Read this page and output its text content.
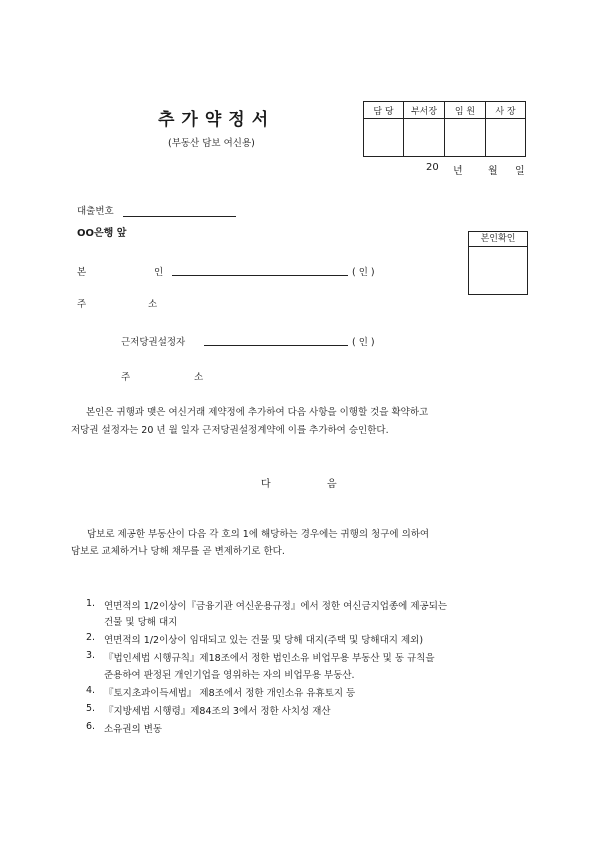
추가약정서
(부동산 담보 여신용)
담 당	부서장	임 원	사 장

20 년	월 일
대출번호
OO은행 앞	본인확인
본	인	( 인 )
주	소
근저당권설정자	( 인 )
주	소
본인은 귀행과 맺은 여신거래 제약정에 추가하여 다음 사항을 이행할 것을 확약하고
저당권 설정자는 20 년 월 일자 근저당권설정계약에 이를 추가하여 승인한다.
다	음
담보로 제공한 부동산이 다음 각 호의 1에 해당하는 경우에는 귀행의 청구에 의하여
담보로 교체하거나 당해 채무를 곧 변제하기로 한다.
1. 연면적의 1/2이상이『금융기관 여신운용규정』에서 정한 여신금지업종에 제공되는
건물 및 당해 대지
2. 연면적의 1/2이상이 임대되고 있는 건물 및 당해 대지(주택 및 당해대지 제외)
3. 『법인세법 시행규칙』제18조에서 정한 법인소유 비업무용 부동산 및 동 규칙을
준용하여 판정된 개인기업을 영위하는 자의 비업무용 부동산.
4. 『토지초과이득세법』 제8조에서 정한 개인소유 유휴토지 등
5. 『지방세법 시행령』제84조의 3에서 정한 사치성 재산
6. 소유권의 변동
